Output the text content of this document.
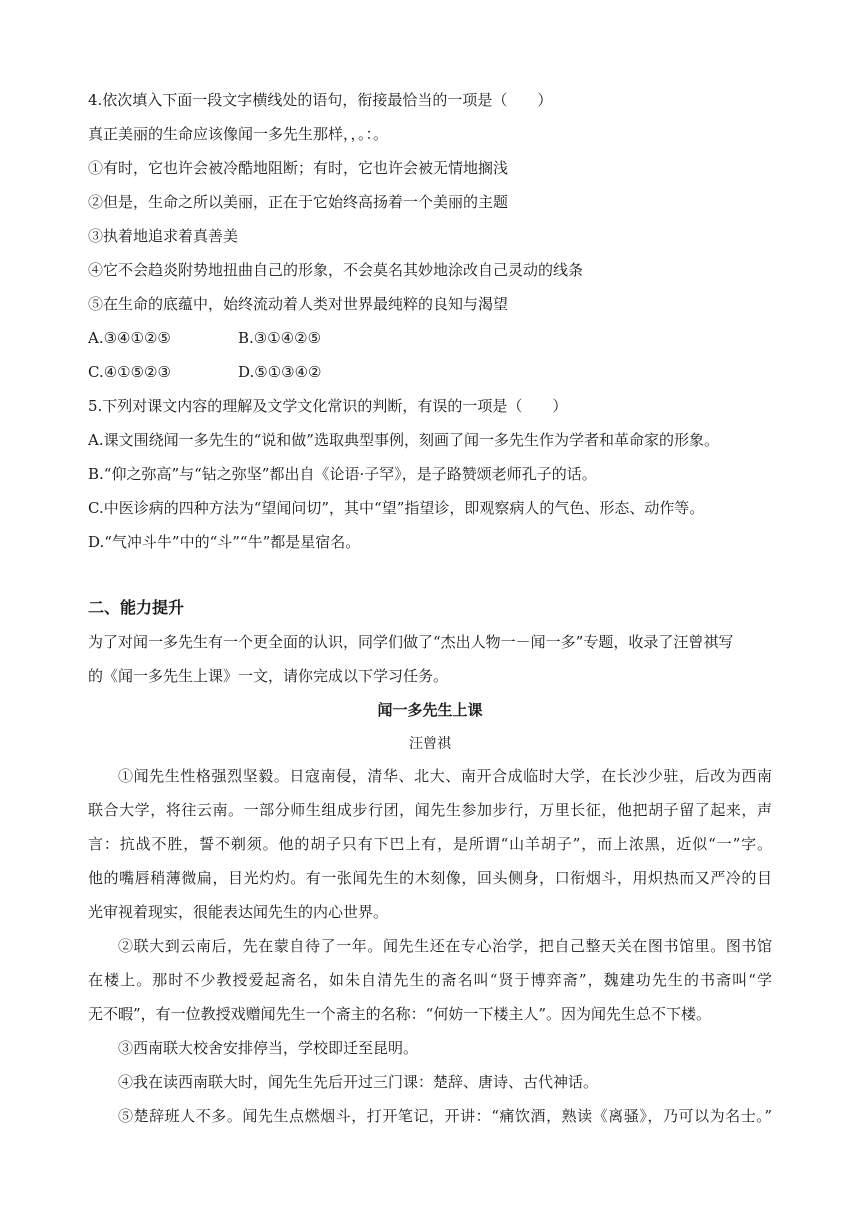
4.依次填入下面一段文字横线处的语句，衔接最恰当的一项是（　　）
真正美丽的生命应该像闻一多先生那样，，。：。
①有时，它也许会被冷酷地阻断；有时，它也许会被无情地搁浅
②但是，生命之所以美丽，正在于它始终高扬着一个美丽的主题
③执着地追求着真善美
④它不会趋炎附势地扭曲自己的形象，不会莫名其妙地涂改自己灵动的线条
⑤在生命的底蕴中，始终流动着人类对世界最纯粹的良知与渴望
A.③④①②⑤	B.③①④②⑤
C.④①⑤②③	D.⑤①③④②
5.下列对课文内容的理解及文学文化常识的判断，有误的一项是（　　）
A.课文围绕闻一多先生的“说和做”选取典型事例，刻画了闻一多先生作为学者和革命家的形象。
B.“仰之弥高”与“钻之弥坚”都出自《论语·子罕》，是子路赞颂老师孔子的话。
C.中医诊病的四种方法为“望闻问切”，其中“望”指望诊，即观察病人的气色、形态、动作等。
D.“气冲斗牛”中的“斗”“牛”都是星宿名。
二、能力提升
为了对闻一多先生有一个更全面的认识，同学们做了“杰出人物一－闻一多”专题，收录了汪曾祺写
的《闻一多先生上课》一文，请你完成以下学习任务。
闻一多先生上课
汪曾祺
①闻先生性格强烈坚毅。日寇南侵，清华、北大、南开合成临时大学，在长沙少驻，后改为西南
联合大学，将往云南。一部分师生组成步行团，闻先生参加步行，万里长征，他把胡子留了起来，声
言：抗战不胜，誓不剃须。他的胡子只有下巴上有，是所谓“山羊胡子”，而上浓黑，近似“一”字。
他的嘴唇稍薄微扁，目光灼灼。有一张闻先生的木刻像，回头侧身，口衔烟斗，用炽热而又严冷的目
光审视着现实，很能表达闻先生的内心世界。
②联大到云南后，先在蒙自待了一年。闻先生还在专心治学，把自己整天关在图书馆里。图书馆
在楼上。那时不少教授爱起斋名，如朱自清先生的斋名叫“贤于博弈斋”，魏建功先生的书斋叫“学
无不暇”，有一位教授戏赠闻先生一个斋主的名称：“何妨一下楼主人”。因为闻先生总不下楼。
③西南联大校舍安排停当，学校即迁至昆明。
④我在读西南联大时，闻先生先后开过三门课：楚辞、唐诗、古代神话。
⑤楚辞班人不多。闻先生点燃烟斗，打开笔记，开讲：“痛饮酒，熟读《离骚》，乃可以为名士。”
